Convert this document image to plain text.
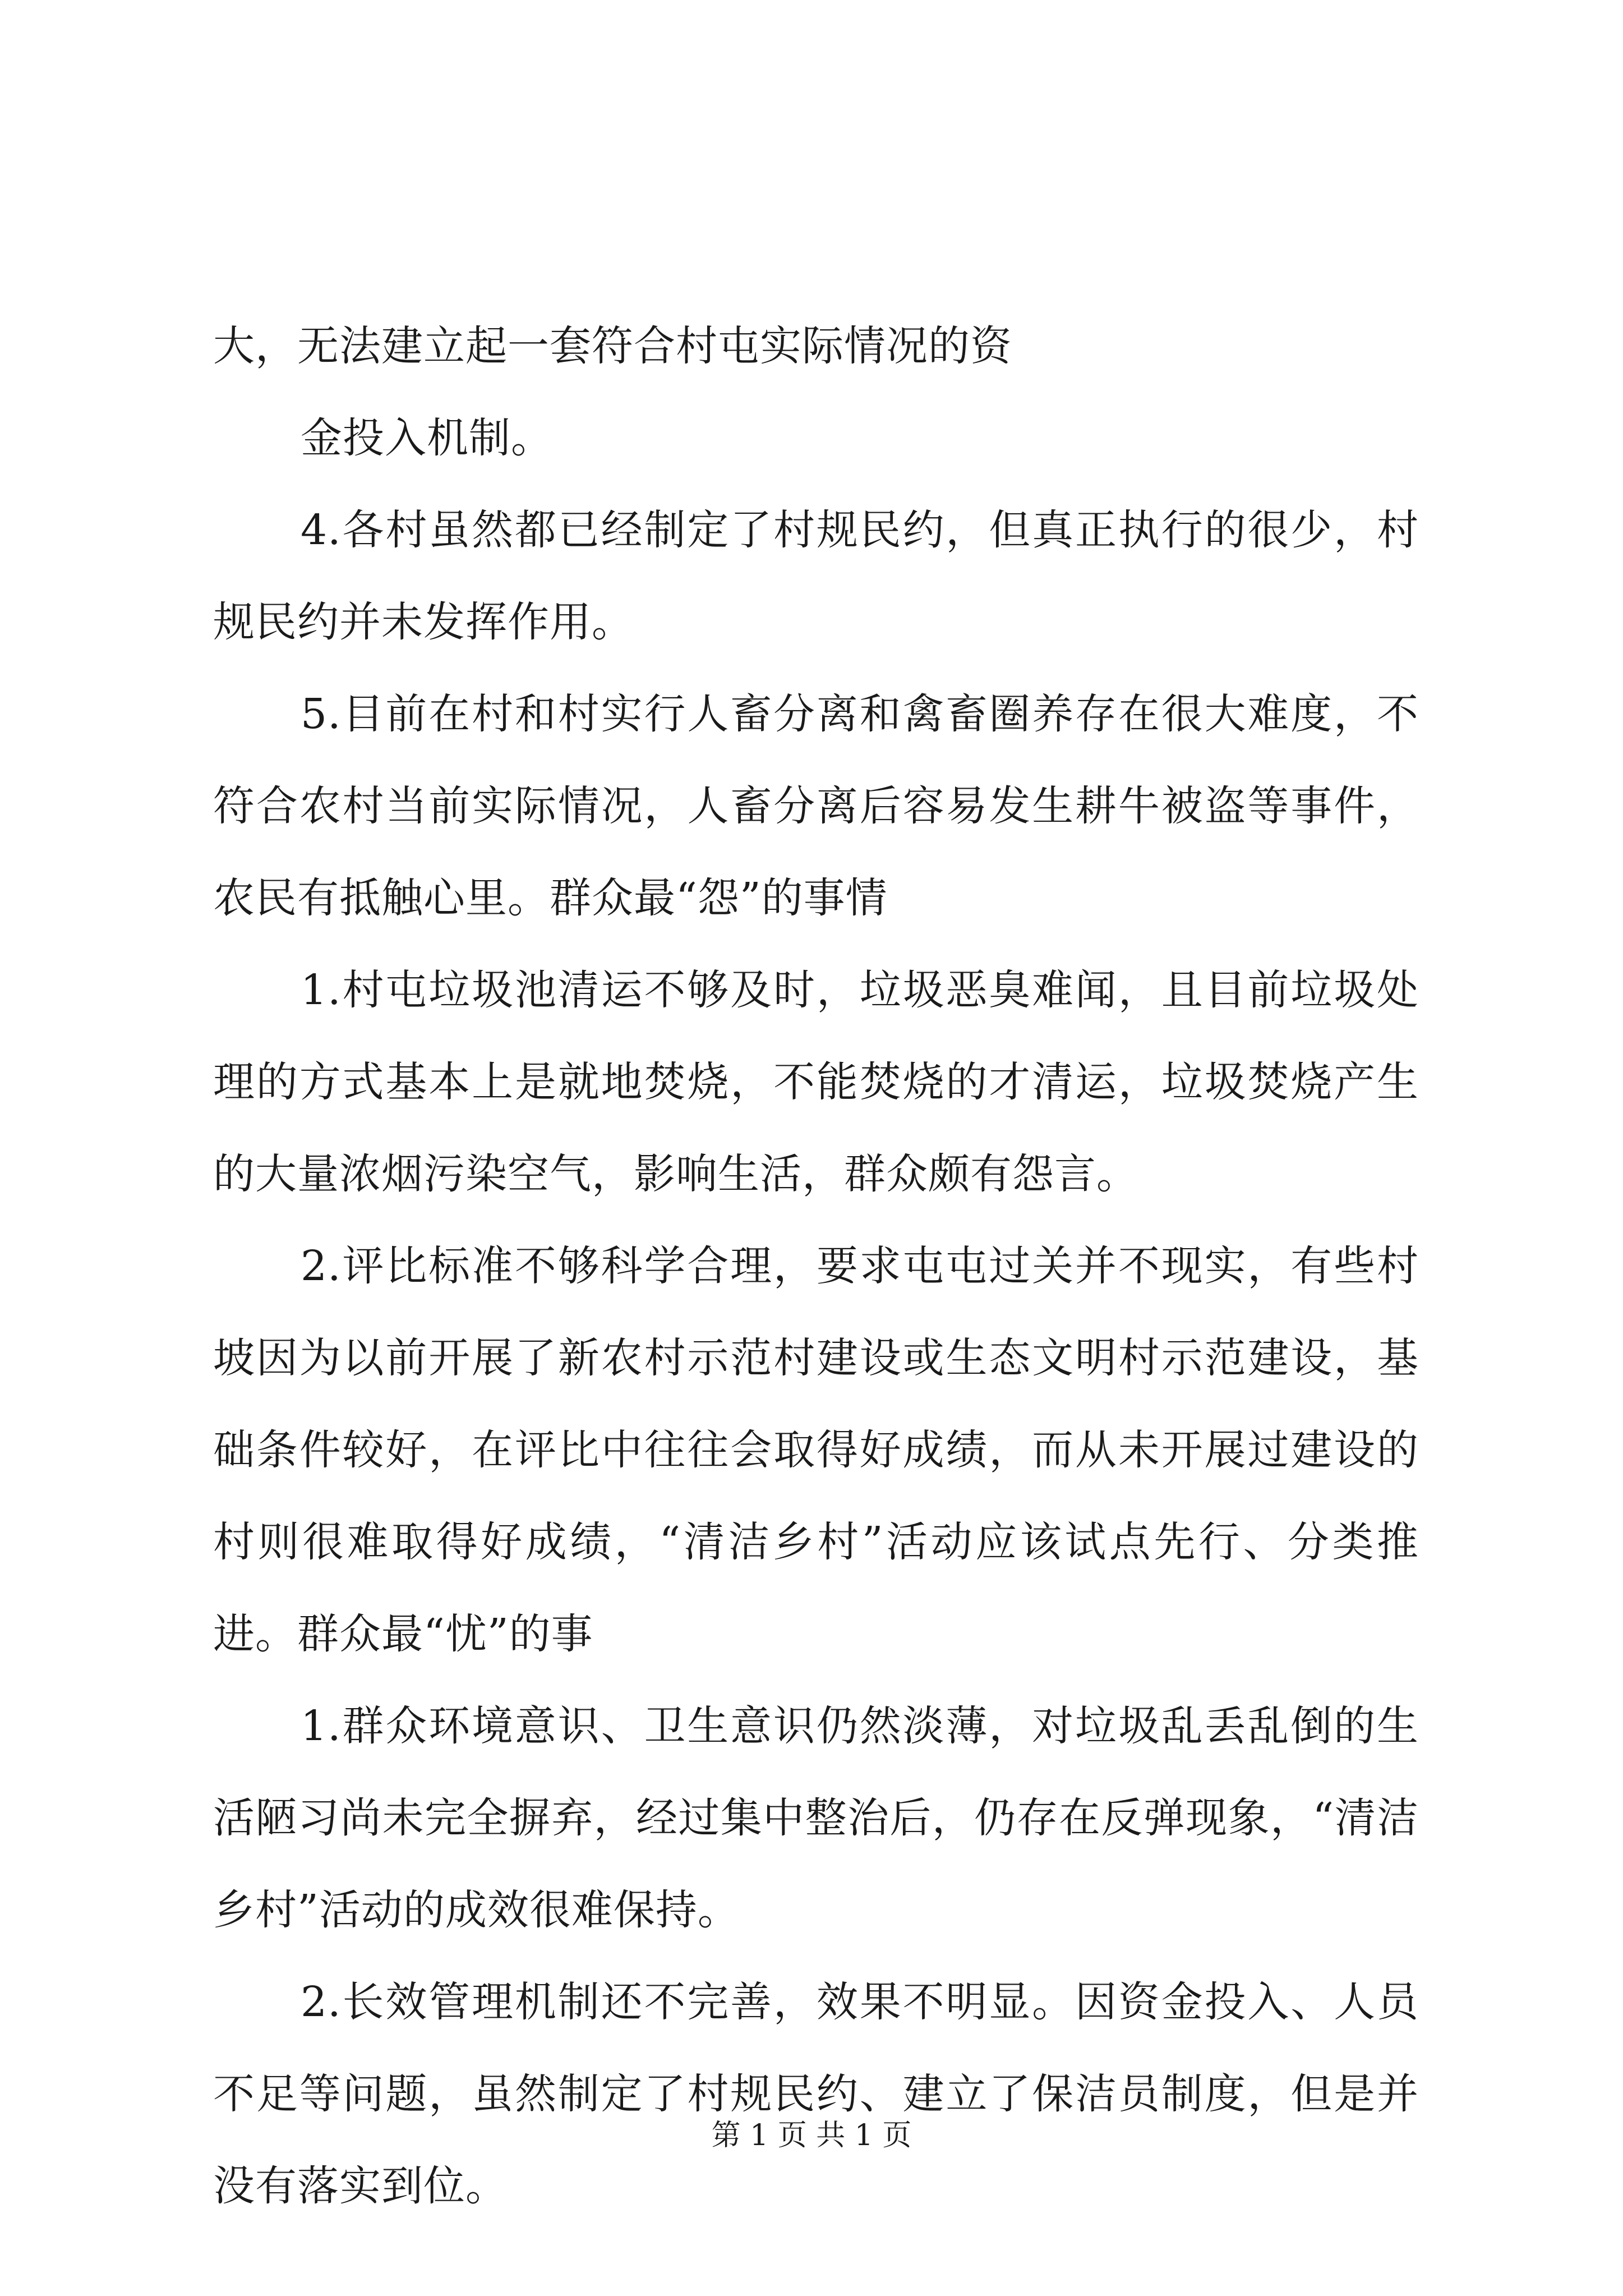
大，无法建立起一套符合村屯实际情况的资

金投入机制。

4.各村虽然都已经制定了村规民约，但真正执行的很少，村规民约并未发挥作用。

5.目前在村和村实行人畜分离和禽畜圈养存在很大难度，不符合农村当前实际情况，人畜分离后容易发生耕牛被盗等事件，农民有抵触心里。群众最“怨”的事情

1.村屯垃圾池清运不够及时，垃圾恶臭难闻，且目前垃圾处理的方式基本上是就地焚烧，不能焚烧的才清运，垃圾焚烧产生的大量浓烟污染空气，影响生活，群众颇有怨言。

2.评比标准不够科学合理，要求屯屯过关并不现实，有些村坡因为以前开展了新农村示范村建设或生态文明村示范建设，基础条件较好，在评比中往往会取得好成绩，而从未开展过建设的村则很难取得好成绩，“清洁乡村”活动应该试点先行、分类推进。群众最“忧”的事

1.群众环境意识、卫生意识仍然淡薄，对垃圾乱丢乱倒的生活陋习尚未完全摒弃，经过集中整治后，仍存在反弹现象，“清洁乡村”活动的成效很难保持。

2.长效管理机制还不完善，效果不明显。因资金投入、人员不足等问题，虽然制定了村规民约、建立了保洁员制度，但是并没有落实到位。

第 1 页 共 1 页
